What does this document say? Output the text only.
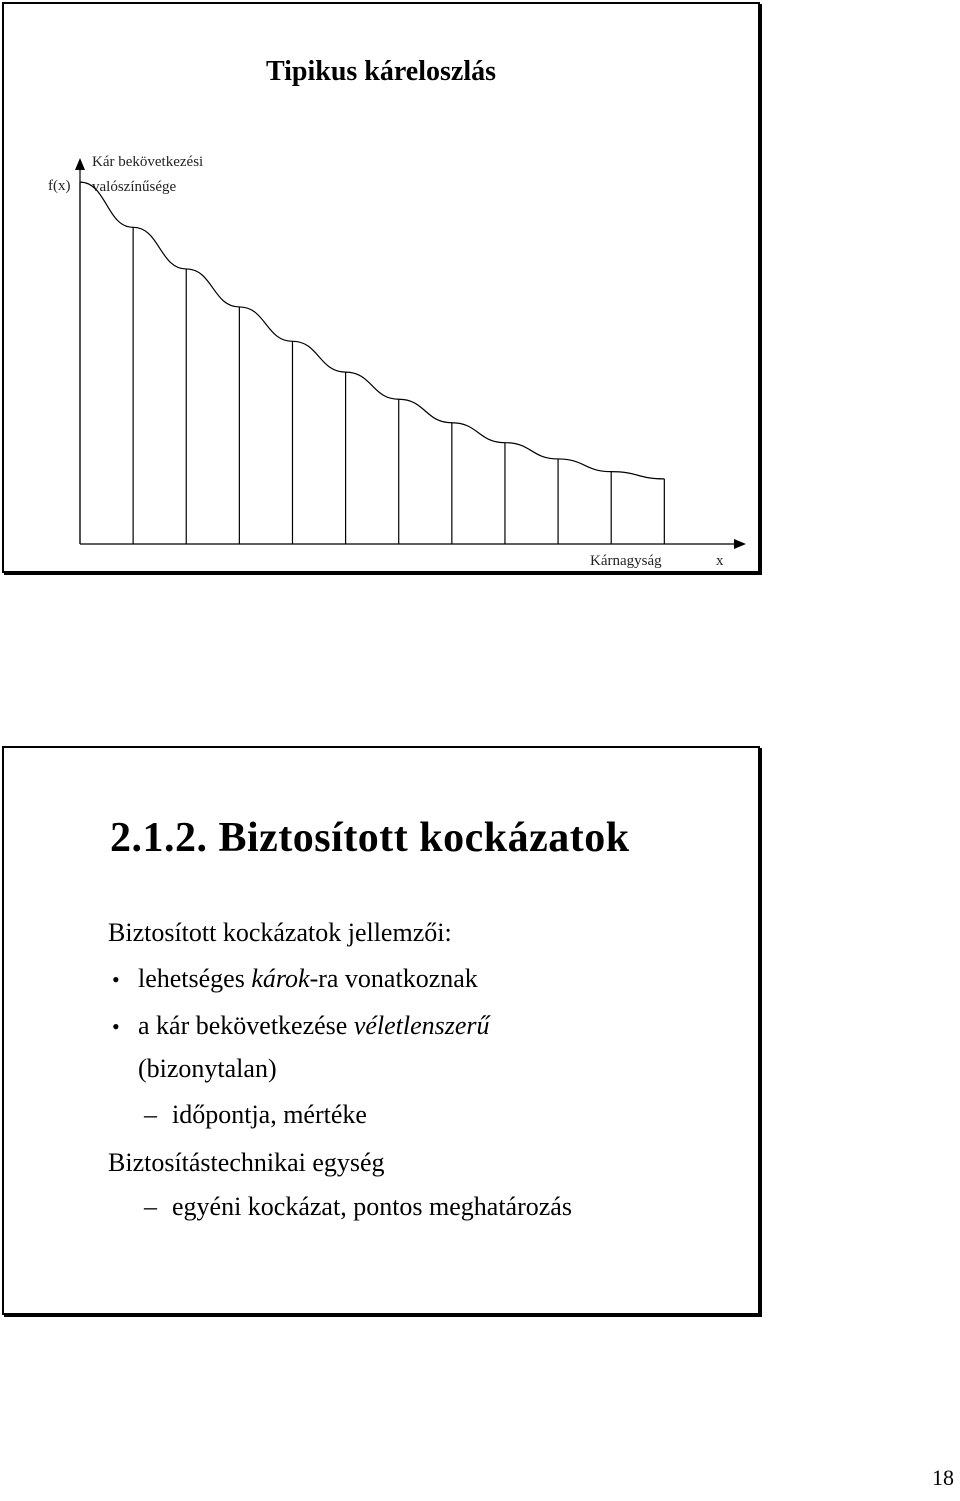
Tipikus káreloszlás
f(x)
Kár bekövetkezési
valószínűsége
Kárnagyság	x
2.1.2. Biztosított kockázatok
Biztosított kockázatok jellemzői:
• lehetséges károk-ra vonatkoznak
• a kár bekövetkezése véletlenszerű
(bizonytalan)
– időpontja, mértéke
Biztosítástechnikai egység
– egyéni kockázat, pontos meghatározás
18
